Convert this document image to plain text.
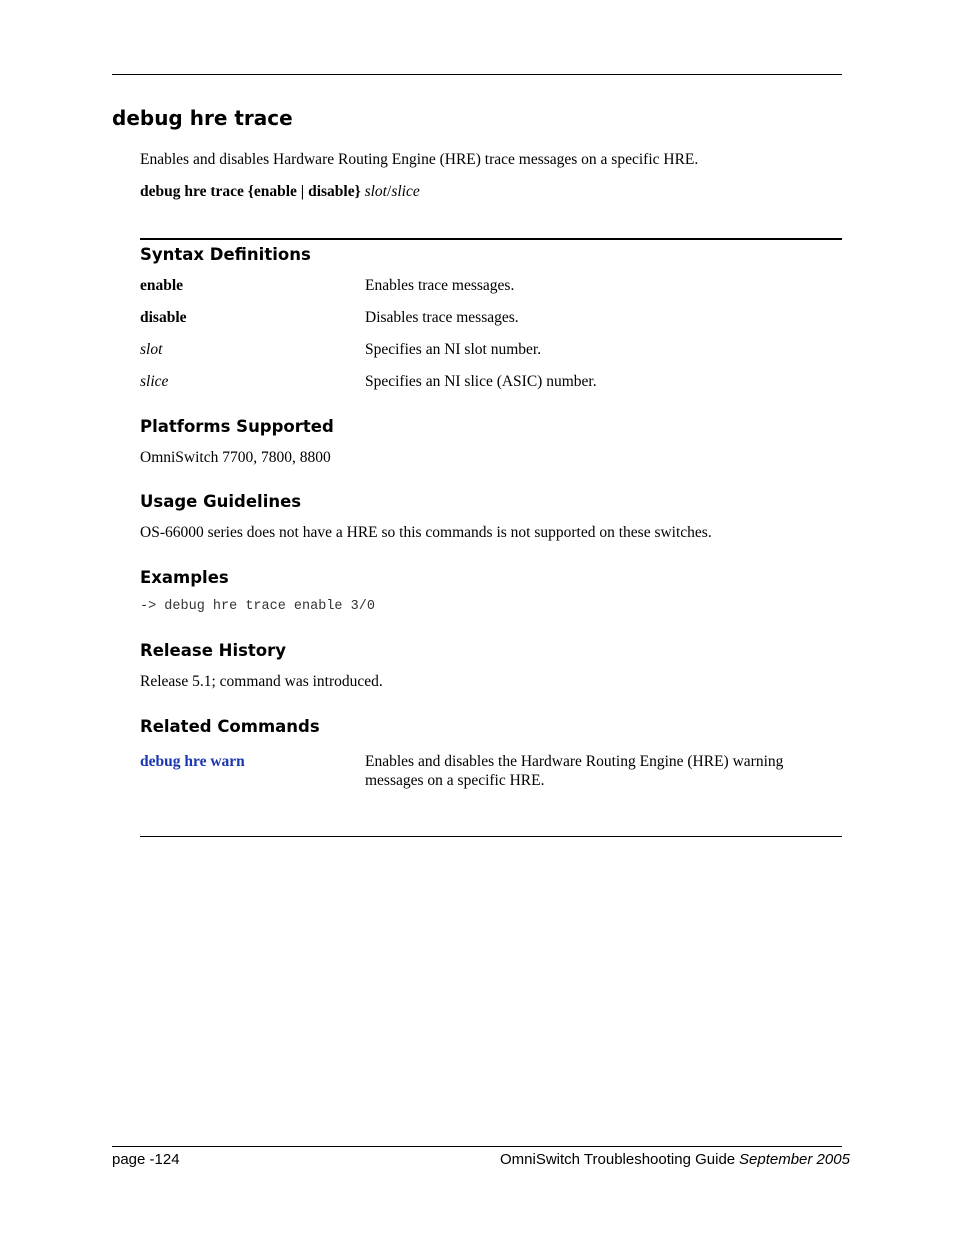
debug hre trace
Enables and disables Hardware Routing Engine (HRE) trace messages on a specific HRE.
debug hre trace {enable | disable} slot/slice
Syntax Definitions
enable	Enables trace messages.
disable	Disables trace messages.
slot	Specifies an NI slot number.
slice	Specifies an NI slice (ASIC) number.
Platforms Supported
OmniSwitch 7700, 7800, 8800
Usage Guidelines
OS-66000 series does not have a HRE so this commands is not supported on these switches.
Examples
-> debug hre trace enable 3/0
Release History
Release 5.1; command was introduced.
Related Commands
debug hre warn	Enables and disables the Hardware Routing Engine (HRE) warning
messages on a specific HRE.
page -124	OmniSwitch Troubleshooting Guide September 2005
